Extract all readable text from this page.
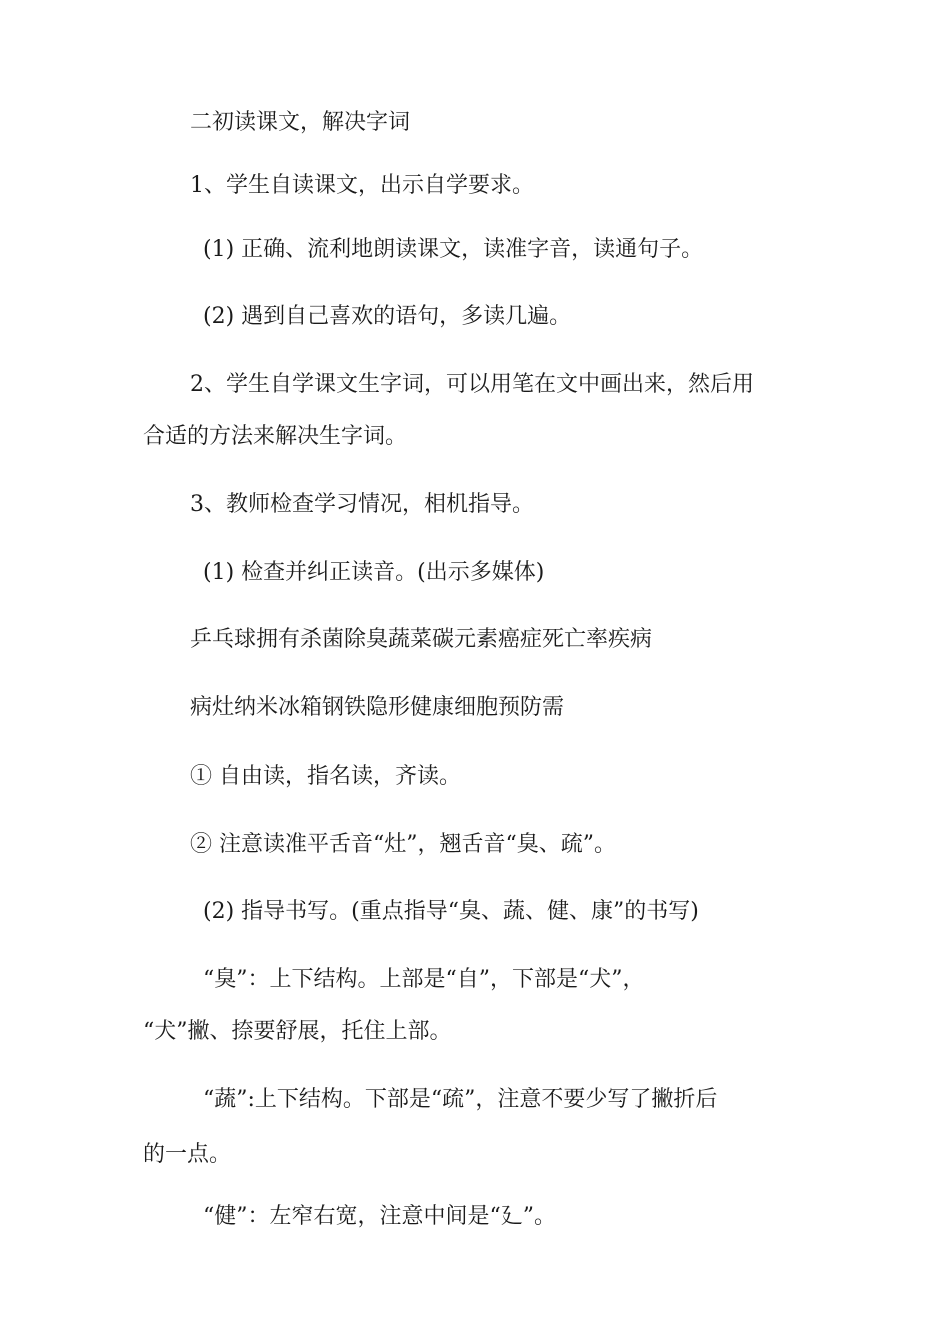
二初读课文，解决字词

1、学生自读课文，出示自学要求。

(1) 正确、流利地朗读课文，读准字音，读通句子。

(2) 遇到自己喜欢的语句，多读几遍。

2、学生自学课文生字词，可以用笔在文中画出来，然后用

合适的方法来解决生字词。

3、教师检查学习情况，相机指导。

(1) 检查并纠正读音。(出示多媒体)

乒乓球拥有杀菌除臭蔬菜碳元素癌症死亡率疾病

病灶纳米冰箱钢铁隐形健康细胞预防需

① 自由读，指名读，齐读。

② 注意读准平舌音“灶”，翘舌音“臭、疏”。

(2) 指导书写。(重点指导“臭、蔬、健、康”的书写)

“臭”：上下结构。上部是“自”，下部是“犬”，

“犬”撇、捺要舒展，托住上部。

“蔬”:上下结构。下部是“疏”，注意不要少写了撇折后

的一点。

“健”：左窄右宽，注意中间是“廴”。
